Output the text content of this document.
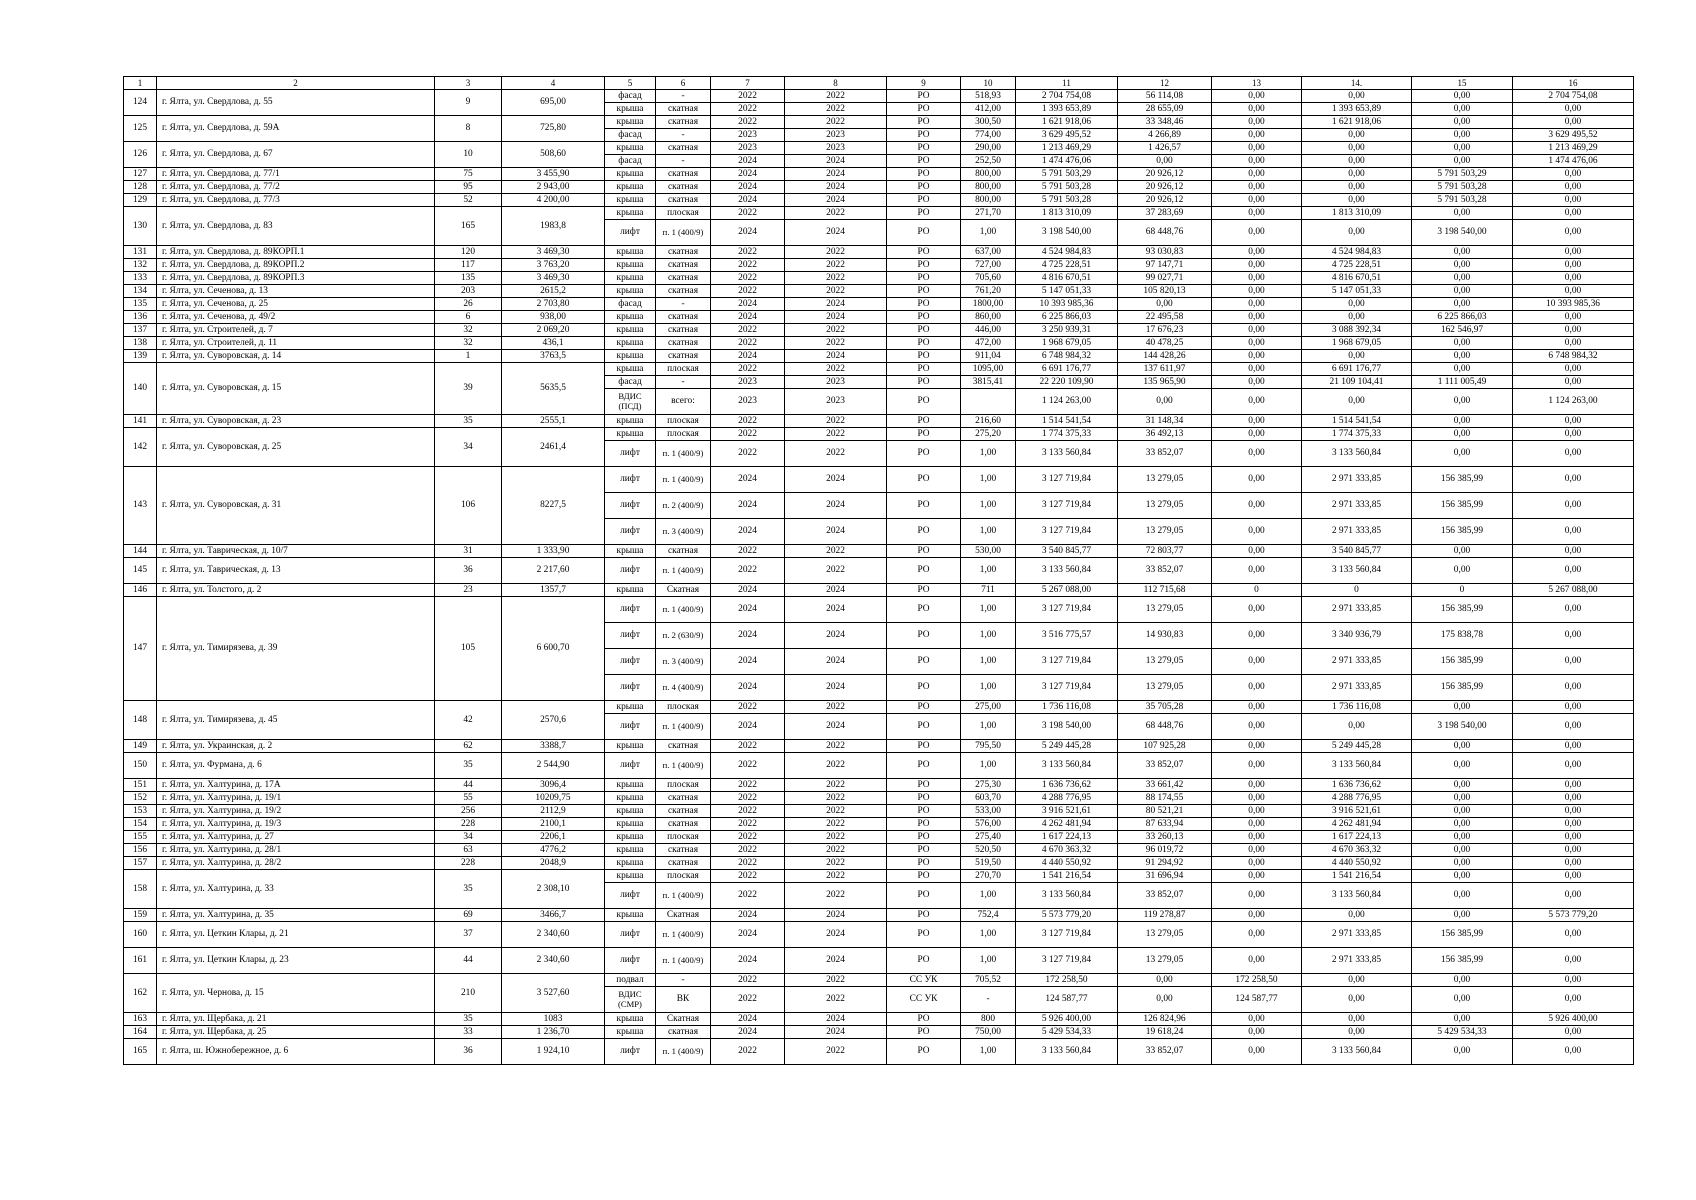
1	2	3	4	5	6	7	8	9	10	11	12	13	14.	15	16
124	г. Ялта, ул. Свердлова, д. 55	9	695,00	фасад	-	2022	2022	РО	518,93	2 704 754,08	56 114,08	0,00	0,00	0,00	2 704 754,08
				крыша	скатная	2022	2022	РО	412,00	1 393 653,89	28 655,09	0,00	1 393 653,89	0,00	0,00
125	г. Ялта, ул. Свердлова, д. 59А	8	725,80	крыша	скатная	2022	2022	РО	300,50	1 621 918,06	33 348,46	0,00	1 621 918,06	0,00	0,00
				фасад	-	2023	2023	РО	774,00	3 629 495,52	4 266,89	0,00	0,00	0,00	3 629 495,52
126	г. Ялта, ул. Свердлова, д. 67	10	508,60	крыша	скатная	2023	2023	РО	290,00	1 213 469,29	1 426,57	0,00	0,00	0,00	1 213 469,29
				фасад	-	2024	2024	РО	252,50	1 474 476,06	0,00	0,00	0,00	0,00	1 474 476,06
127	г. Ялта, ул. Свердлова, д. 77/1	75	3 455,90	крыша	скатная	2024	2024	РО	800,00	5 791 503,29	20 926,12	0,00	0,00	5 791 503,29	0,00
128	г. Ялта, ул. Свердлова, д. 77/2	95	2 943,00	крыша	скатная	2024	2024	РО	800,00	5 791 503,28	20 926,12	0,00	0,00	5 791 503,28	0,00
129	г. Ялта, ул. Свердлова, д. 77/3	52	4 200,00	крыша	скатная	2024	2024	РО	800,00	5 791 503,28	20 926,12	0,00	0,00	5 791 503,28	0,00
130	г. Ялта, ул. Свердлова, д. 83	165	1983,8	крыша	плоская	2022	2022	РО	271,70	1 813 310,09	37 283,69	0,00	1 813 310,09	0,00	0,00
				лифт	п. 1 (400/9)	2024	2024	РО	1,00	3 198 540,00	68 448,76	0,00	0,00	3 198 540,00	0,00
131	г. Ялта, ул. Свердлова, д. 89КОРП.1	120	3 469,30	крыша	скатная	2022	2022	РО	637,00	4 524 984,83	93 030,83	0,00	4 524 984,83	0,00	0,00
132	г. Ялта, ул. Свердлова, д. 89КОРП.2	117	3 763,20	крыша	скатная	2022	2022	РО	727,00	4 725 228,51	97 147,71	0,00	4 725 228,51	0,00	0,00
133	г. Ялта, ул. Свердлова, д. 89КОРП.3	135	3 469,30	крыша	скатная	2022	2022	РО	705,60	4 816 670,51	99 027,71	0,00	4 816 670,51	0,00	0,00
134	г. Ялта, ул. Сеченова, д. 13	203	2615,2	крыша	скатная	2022	2022	РО	761,20	5 147 051,33	105 820,13	0,00	5 147 051,33	0,00	0,00
135	г. Ялта, ул. Сеченова, д. 25	26	2 703,80	фасад	-	2024	2024	РО	1800,00	10 393 985,36	0,00	0,00	0,00	0,00	10 393 985,36
136	г. Ялта, ул. Сеченова, д. 49/2	6	938,00	крыша	скатная	2024	2024	РО	860,00	6 225 866,03	22 495,58	0,00	0,00	6 225 866,03	0,00
137	г. Ялта, ул. Строителей, д. 7	32	2 069,20	крыша	скатная	2022	2022	РО	446,00	3 250 939,31	17 676,23	0,00	3 088 392,34	162 546,97	0,00
138	г. Ялта, ул. Строителей, д. 11	32	436,1	крыша	скатная	2022	2022	РО	472,00	1 968 679,05	40 478,25	0,00	1 968 679,05	0,00	0,00
139	г. Ялта, ул. Суворовская, д. 14	1	3763,5	крыша	скатная	2024	2024	РО	911,04	6 748 984,32	144 428,26	0,00	0,00	0,00	6 748 984,32
140	г. Ялта, ул. Суворовская, д. 15	39	5635,5	крыша	плоская	2022	2022	РО	1095,00	6 691 176,77	137 611,97	0,00	6 691 176,77	0,00	0,00
				фасад	-	2023	2023	РО	3815,41	22 220 109,90	135 965,90	0,00	21 109 104,41	1 111 005,49	0,00
				ВДИС (ПСД)	всего:	2023	2023	РО		1 124 263,00	0,00	0,00	0,00	0,00	1 124 263,00
141	г. Ялта, ул. Суворовская, д. 23	35	2555,1	крыша	плоская	2022	2022	РО	216,60	1 514 541,54	31 148,34	0,00	1 514 541,54	0,00	0,00
142	г. Ялта, ул. Суворовская, д. 25	34	2461,4	крыша	плоская	2022	2022	РО	275,20	1 774 375,33	36 492,13	0,00	1 774 375,33	0,00	0,00
				лифт	п. 1 (400/9)	2022	2022	РО	1,00	3 133 560,84	33 852,07	0,00	3 133 560,84	0,00	0,00
143	г. Ялта, ул. Суворовская, д. 31	106	8227,5	лифт	п. 1 (400/9)	2024	2024	РО	1,00	3 127 719,84	13 279,05	0,00	2 971 333,85	156 385,99	0,00
				лифт	п. 2 (400/9)	2024	2024	РО	1,00	3 127 719,84	13 279,05	0,00	2 971 333,85	156 385,99	0,00
				лифт	п. 3 (400/9)	2024	2024	РО	1,00	3 127 719,84	13 279,05	0,00	2 971 333,85	156 385,99	0,00
144	г. Ялта, ул. Таврическая, д. 10/7	31	1 333,90	крыша	скатная	2022	2022	РО	530,00	3 540 845,77	72 803,77	0,00	3 540 845,77	0,00	0,00
145	г. Ялта, ул. Таврическая, д. 13	36	2 217,60	лифт	п. 1 (400/9)	2022	2022	РО	1,00	3 133 560,84	33 852,07	0,00	3 133 560,84	0,00	0,00
146	г. Ялта, ул. Толстого, д. 2	23	1357,7	крыша	Скатная	2024	2024	РО	711	5 267 088,00	112 715,68	0	0	0	5 267 088,00
147	г. Ялта, ул. Тимирязева, д. 39	105	6 600,70	лифт	п. 1 (400/9)	2024	2024	РО	1,00	3 127 719,84	13 279,05	0,00	2 971 333,85	156 385,99	0,00
				лифт	п. 2 (630/9)	2024	2024	РО	1,00	3 516 775,57	14 930,83	0,00	3 340 936,79	175 838,78	0,00
				лифт	п. 3 (400/9)	2024	2024	РО	1,00	3 127 719,84	13 279,05	0,00	2 971 333,85	156 385,99	0,00
				лифт	п. 4 (400/9)	2024	2024	РО	1,00	3 127 719,84	13 279,05	0,00	2 971 333,85	156 385,99	0,00
148	г. Ялта, ул. Тимирязева, д. 45	42	2570,6	крыша	плоская	2022	2022	РО	275,00	1 736 116,08	35 705,28	0,00	1 736 116,08	0,00	0,00
				лифт	п. 1 (400/9)	2024	2024	РО	1,00	3 198 540,00	68 448,76	0,00	0,00	3 198 540,00	0,00
149	г. Ялта, ул. Украинская, д. 2	62	3388,7	крыша	скатная	2022	2022	РО	795,50	5 249 445,28	107 925,28	0,00	5 249 445,28	0,00	0,00
150	г. Ялта, ул. Фурмана, д. 6	35	2 544,90	лифт	п. 1 (400/9)	2022	2022	РО	1,00	3 133 560,84	33 852,07	0,00	3 133 560,84	0,00	0,00
151	г. Ялта, ул. Халтурина, д. 17А	44	3096,4	крыша	плоская	2022	2022	РО	275,30	1 636 736,62	33 661,42	0,00	1 636 736,62	0,00	0,00
152	г. Ялта, ул. Халтурина, д. 19/1	55	10209,75	крыша	скатная	2022	2022	РО	603,70	4 288 776,95	88 174,55	0,00	4 288 776,95	0,00	0,00
153	г. Ялта, ул. Халтурина, д. 19/2	256	2112,9	крыша	скатная	2022	2022	РО	533,00	3 916 521,61	80 521,21	0,00	3 916 521,61	0,00	0,00
154	г. Ялта, ул. Халтурина, д. 19/3	228	2100,1	крыша	скатная	2022	2022	РО	576,00	4 262 481,94	87 633,94	0,00	4 262 481,94	0,00	0,00
155	г. Ялта, ул. Халтурина, д. 27	34	2206,1	крыша	плоская	2022	2022	РО	275,40	1 617 224,13	33 260,13	0,00	1 617 224,13	0,00	0,00
156	г. Ялта, ул. Халтурина, д. 28/1	63	4776,2	крыша	скатная	2022	2022	РО	520,50	4 670 363,32	96 019,72	0,00	4 670 363,32	0,00	0,00
157	г. Ялта, ул. Халтурина, д. 28/2	228	2048,9	крыша	скатная	2022	2022	РО	519,50	4 440 550,92	91 294,92	0,00	4 440 550,92	0,00	0,00
158	г. Ялта, ул. Халтурина, д. 33	35	2 308,10	крыша	плоская	2022	2022	РО	270,70	1 541 216,54	31 696,94	0,00	1 541 216,54	0,00	0,00
				лифт	п. 1 (400/9)	2022	2022	РО	1,00	3 133 560,84	33 852,07	0,00	3 133 560,84	0,00	0,00
159	г. Ялта, ул. Халтурина, д. 35	69	3466,7	крыша	Скатная	2024	2024	РО	752,4	5 573 779,20	119 278,87	0,00	0,00	0,00	5 573 779,20
160	г. Ялта, ул. Цеткин Клары, д. 21	37	2 340,60	лифт	п. 1 (400/9)	2024	2024	РО	1,00	3 127 719,84	13 279,05	0,00	2 971 333,85	156 385,99	0,00
161	г. Ялта, ул. Цеткин Клары, д. 23	44	2 340,60	лифт	п. 1 (400/9)	2024	2024	РО	1,00	3 127 719,84	13 279,05	0,00	2 971 333,85	156 385,99	0,00
162	г. Ялта, ул. Чернова, д. 15	210	3 527,60	подвал	-	2022	2022	СС УК	705,52	172 258,50	0,00	172 258,50	0,00	0,00	0,00
				ВДИС (СМР)	ВК	2022	2022	СС УК	-	124 587,77	0,00	124 587,77	0,00	0,00	0,00
163	г. Ялта, ул. Щербака, д. 21	35	1083	крыша	Скатная	2024	2024	РО	800	5 926 400,00	126 824,96	0,00	0,00	0,00	5 926 400,00
164	г. Ялта, ул. Щербака, д. 25	33	1 236,70	крыша	скатная	2024	2024	РО	750,00	5 429 534,33	19 618,24	0,00	0,00	5 429 534,33	0,00
165	г. Ялта, ш. Южнобережное, д. 6	36	1 924,10	лифт	п. 1 (400/9)	2022	2022	РО	1,00	3 133 560,84	33 852,07	0,00	3 133 560,84	0,00	0,00
